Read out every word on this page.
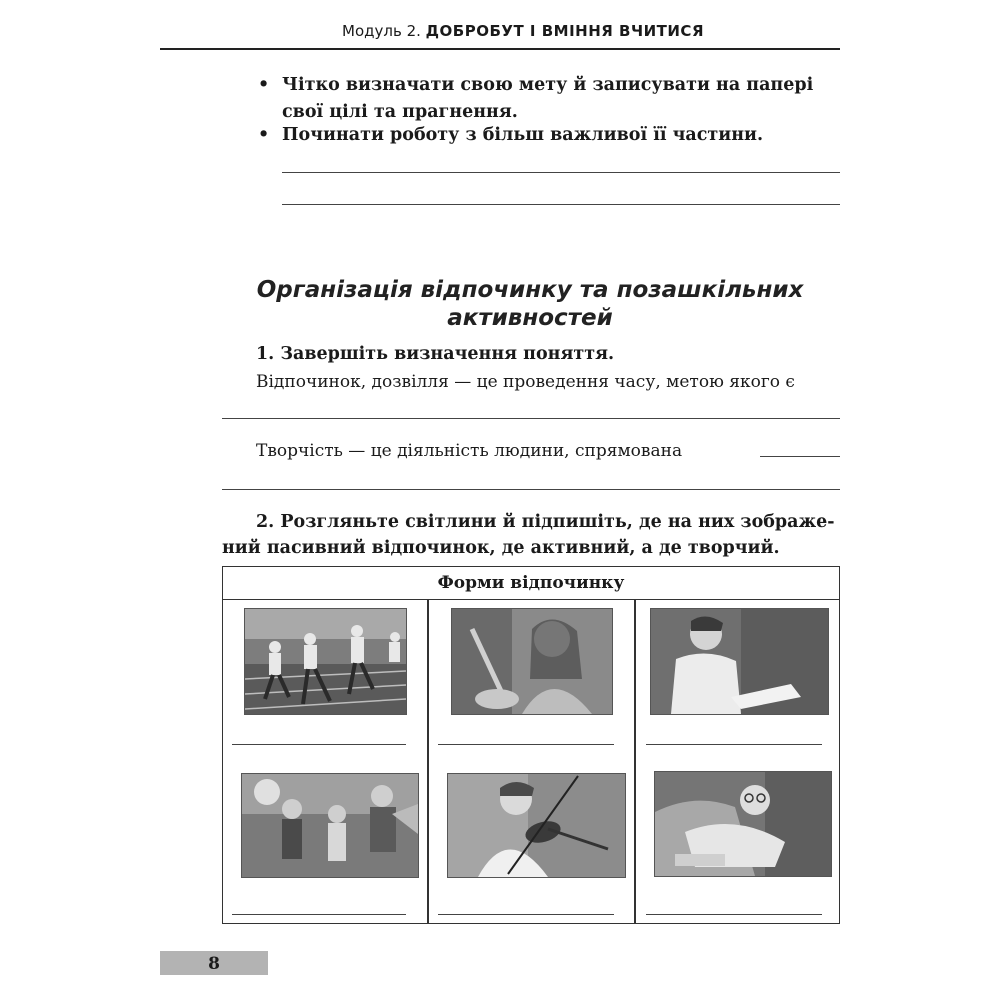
Модуль 2. ДОБРОБУТ І ВМІННЯ ВЧИТИСЯ
• Чітко визначати свою мету й записувати на папері свої цілі та прагнення.
• Починати роботу з більш важливої її частини.
Організація відпочинку та позашкільних
активностей
1. Завершіть визначення поняття.
Відпочинок, дозвілля — це проведення часу, метою якого є
Творчість — це діяльність людини, спрямована
2. Розгляньте світлини й підпишіть, де на них зображе-
ний пасивний відпочинок, де активний, а де творчий.
Форми відпочинку
8
